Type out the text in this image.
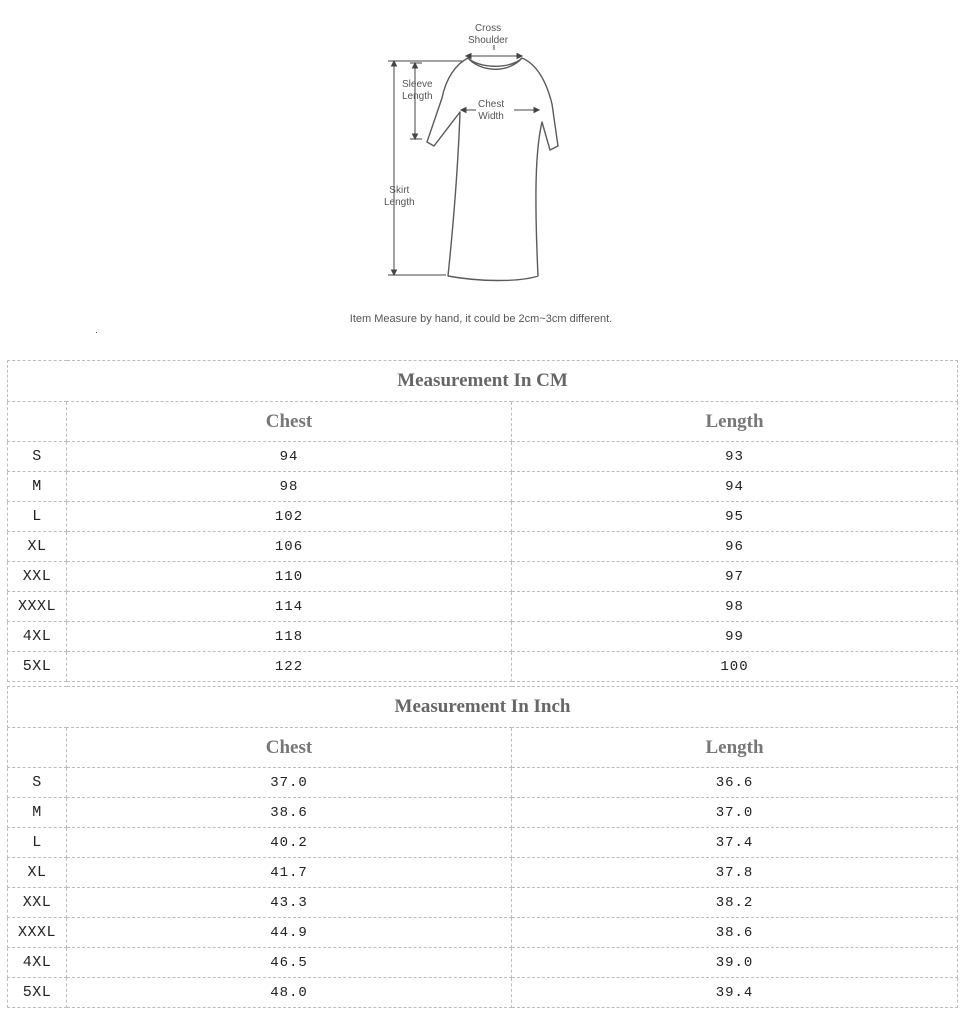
Cross
Shoulder
Sleeve
Length
Chest
Width
Skirt
Length
Item Measure by hand, it could be 2cm~3cm different.
Measurement In CM		
	Chest	Length
S	94	93
M	98	94
L	102	95
XL	106	96
XXL	110	97
XXXL	114	98
4XL	118	99
5XL	122	100
Measurement In Inch		
	Chest	Length
S	37.0	36.6
M	38.6	37.0
L	40.2	37.4
XL	41.7	37.8
XXL	43.3	38.2
XXXL	44.9	38.6
4XL	46.5	39.0
5XL	48.0	39.4
